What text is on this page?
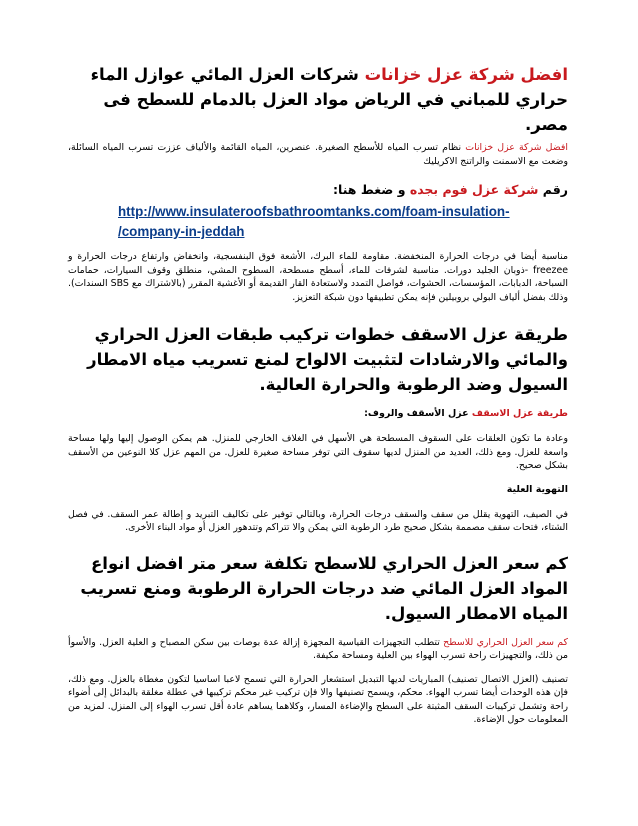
افضل شركة عزل خزانات شركات العزل المائي عوازل الماء حراري للمباني في الرياض مواد العزل بالدمام للسطح فى مصر.

افضل شركة عزل خزانات نظام تسرب المياه للأسطح الصغيرة. عنصرين، المياه القائمة والألياف عززت تسرب المياه السائلة، وضعت مع الاسمنت والراتنج الاكريليك

رقم شركة عزل فوم بجده و ضغط هنا:

http://www.insulateroofsbathroomtanks.com/foam-insulation-
/company-in-jeddah

مناسبة أيضا في درجات الحرارة المنخفضة. مقاومة للماء البرك، الأشعة فوق البنفسجية، وانخفاض وارتفاع درجات الحرارة و freezee -ذوبان الجليد دورات. مناسبة لشرفات للماء، أسطح مسطحة، السطوح المشي، منطلق وقوف السيارات، حمامات السباحة، الدبابات، المؤسسات، الحشوات، فواصل التمدد ولاستعادة القار القديمة أو الأغشية المقرر (بالاشتراك مع SBS السندات). وذلك بفضل ألياف البولي بروبيلين فإنه يمكن تطبيقها دون شبكة التعزيز.

طريقة عزل الاسقف خطوات تركيب طبقات العزل الحراري والمائي والارشادات لتثبيت الالواح لمنع تسريب مياه الامطار السيول وضد الرطوبة والحرارة العالية.

طريقة عزل الاسقف عزل الأسقف والروف:

وعادة ما تكون العلقات على السقوف المسطحة هي الأسهل في الغلاف الخارجي للمنزل. هم يمكن الوصول إليها ولها مساحة واسعة للعزل. ومع ذلك، العديد من المنزل لديها سقوف التي توفر مساحة صغيرة للعزل. من المهم عزل كلا النوعين من الأسقف بشكل صحيح.

التهوية العلية

في الصيف، التهوية يقلل من سقف والسقف درجات الحرارة، وبالتالي توفير على تكاليف التبريد و إطالة عمر السقف. في فصل الشتاء، فتحات سقف مصممة بشكل صحيح طرد الرطوبة التي يمكن والا تتراكم وتتدهور العزل أو مواد البناء الأخرى.

كم سعر العزل الحراري للاسطح تكلفة سعر متر افضل انواع المواد العزل المائي ضد درجات الحرارة الرطوبة ومنع تسريب المياه الامطار السيول.

كم سعر العزل الحراري للاسطح تتطلب التجهيزات القياسية المجهزة إزالة عدة بوصات بين سكن المصباح و العلية العزل. والأسوأ من ذلك، والتجهيزات راحة تسرب الهواء بين العلية ومساحة مكيفة.

تصنيف (العزل الاتصال تصنيف) المباريات لديها التبديل استشعار الحرارة التي تسمح لاعبا اساسيا لتكون مغطاة بالعزل. ومع ذلك، فإن هذه الوحدات أيضا تسرب الهواء. محكم، ويسمح تصنيفها والا فإن تركيب غير محكم تركيبها في عطلة مغلقة بالبدائل إلى أضواء راحة وتشمل تركيبات السقف المثبتة على السطح والإضاءة المسار، وكلاهما يساهم عادة أقل تسرب الهواء إلى المنزل. لمزيد من المعلومات حول الإضاءة.
